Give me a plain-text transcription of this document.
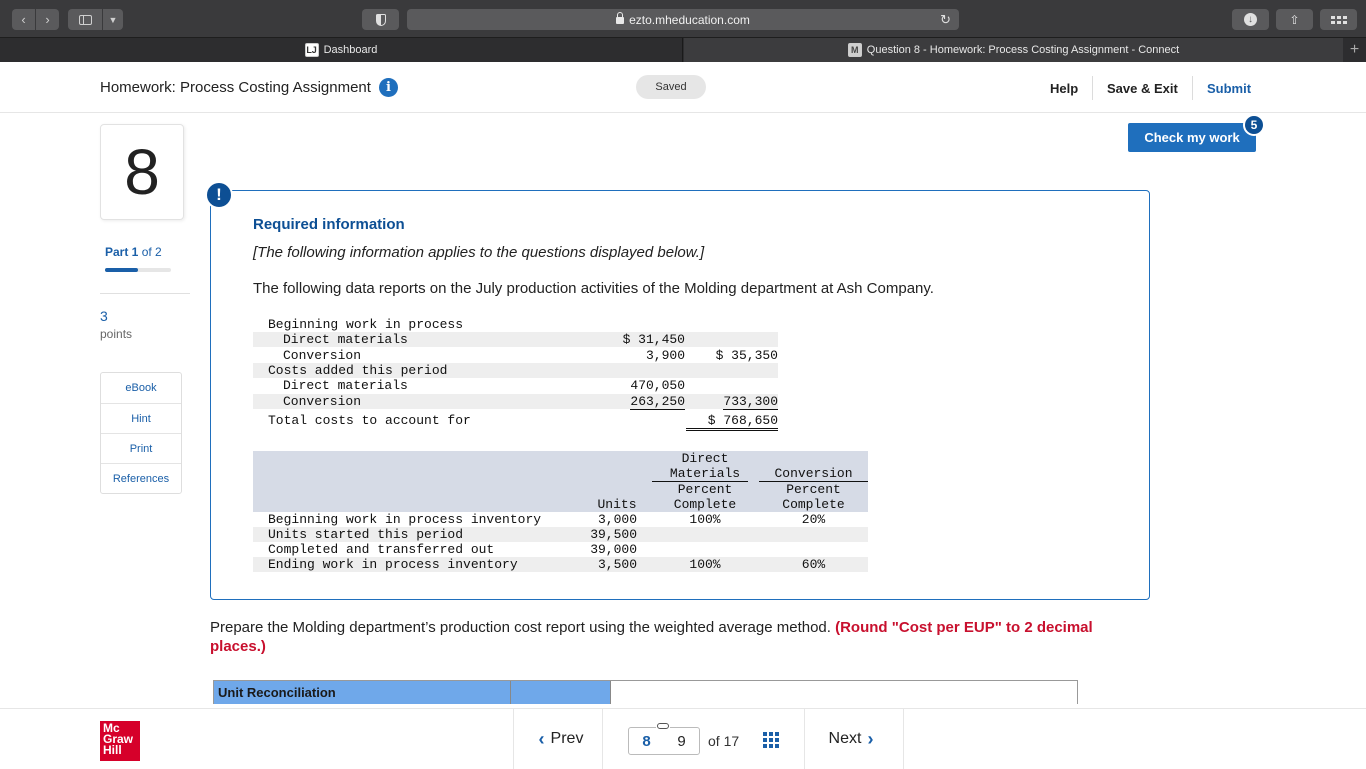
‹	›	▼	ezto.mheducation.com	↻	↓	⇧
LJ Dashboard	M Question 8 - Homework: Process Costing Assignment - Connect	+
Homework: Process Costing Assignment	i	Saved	Help Save & Exit Submit
8
Part 1 of 2
3
points
eBook
Hint
Print
References
Check my work
5
!
Required information
[The following information applies to the questions displayed below.]
The following data reports on the July production activities of the Molding department at Ash Company.
Beginning work in process
Direct materials	$ 31,450
Conversion	3,900 $ 35,350
Costs added this period
Direct materials	470,050
Conversion	263,250	733,300
Total costs to account for	$ 768,650
Direct
Materials	Conversion
Percent	Percent
Units	Complete	Complete
Beginning work in process inventory	3,000	100%	20%
Units started this period	39,500
Completed and transferred out	39,000
Ending work in process inventory	3,500	100%	60%
Prepare the Molding department’s production cost report using the weighted average method. (Round "Cost per EUP" to 2 decimal places.)
Unit Reconciliation
Mc
Graw
Hill
‹ Prev	8 9 of 17	Next ›
